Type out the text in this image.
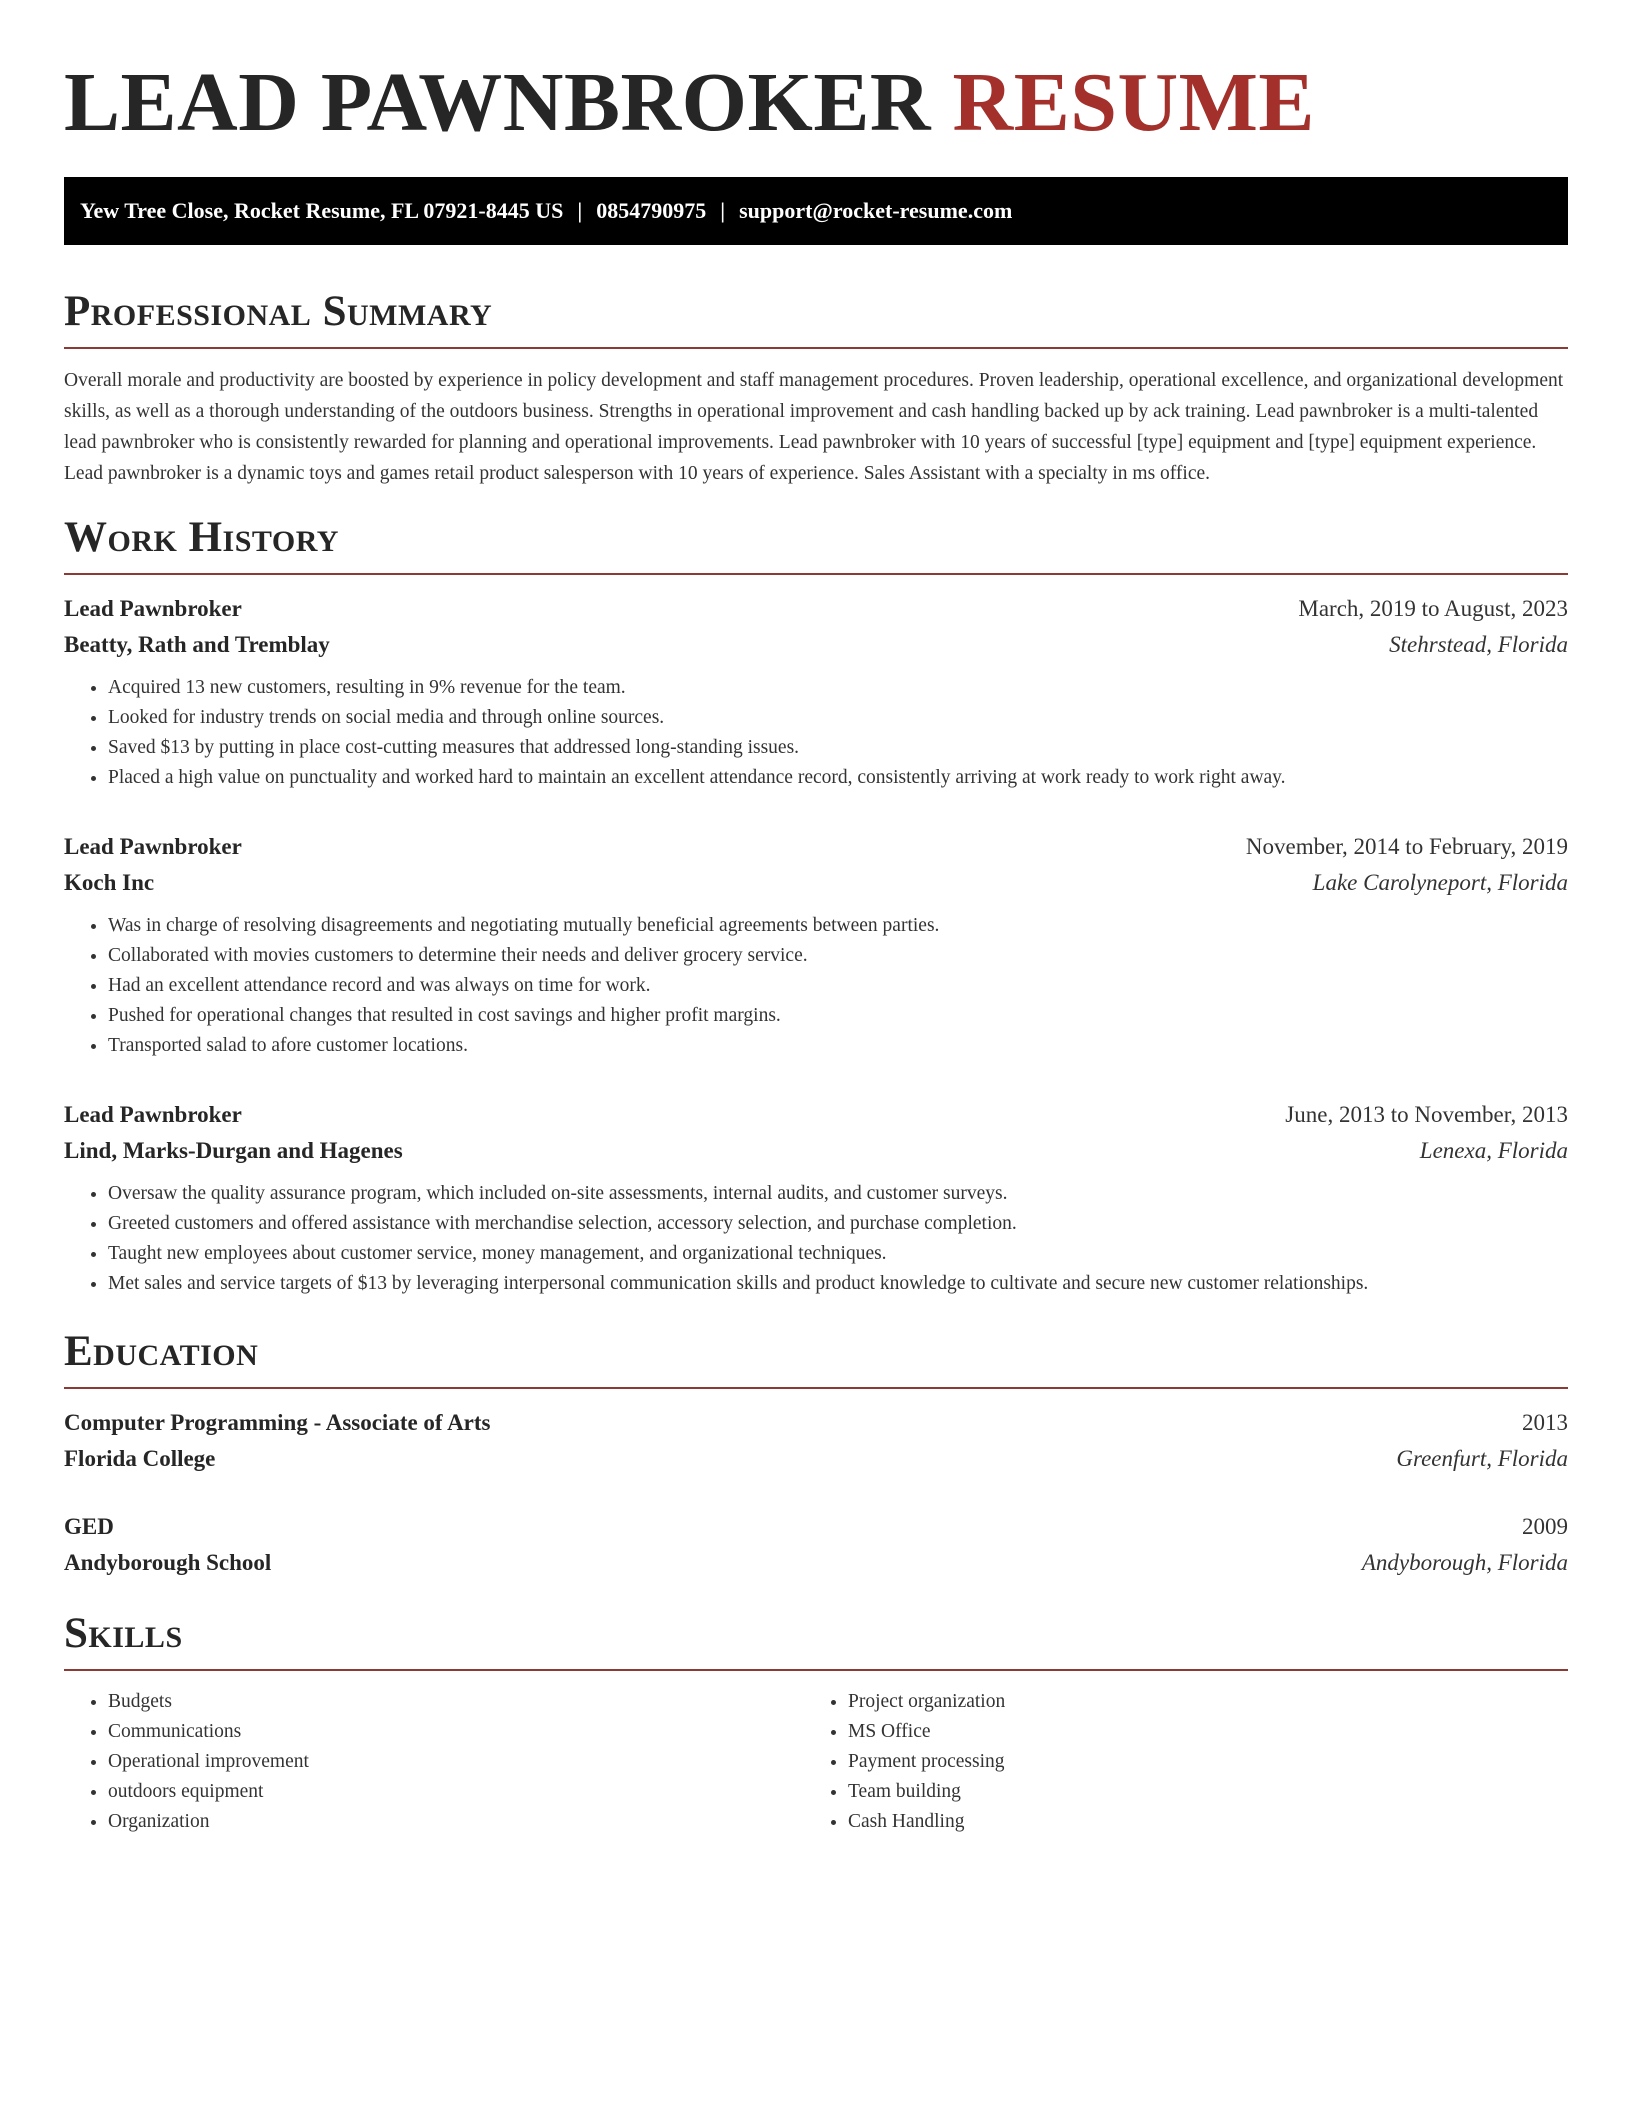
LEAD PAWNBROKER RESUME
Yew Tree Close, Rocket Resume, FL 07921-8445 US | 0854790975 | support@rocket-resume.com
Professional Summary

Overall morale and productivity are boosted by experience in policy development and staff management procedures. Proven leadership, operational excellence, and organizational development skills, as well as a thorough understanding of the outdoors business. Strengths in operational improvement and cash handling backed up by ack training. Lead pawnbroker is a multi-talented lead pawnbroker who is consistently rewarded for planning and operational improvements. Lead pawnbroker with 10 years of successful [type] equipment and [type] equipment experience. Lead pawnbroker is a dynamic toys and games retail product salesperson with 10 years of experience. Sales Assistant with a specialty in ms office.

Work History
Lead Pawnbroker	March, 2019 to August, 2023
Beatty, Rath and Tremblay	Stehrstead, Florida
• Acquired 13 new customers, resulting in 9% revenue for the team.
• Looked for industry trends on social media and through online sources.
• Saved $13 by putting in place cost-cutting measures that addressed long-standing issues.
• Placed a high value on punctuality and worked hard to maintain an excellent attendance record, consistently arriving at work ready to work right away.
Lead Pawnbroker	November, 2014 to February, 2019
Koch Inc	Lake Carolyneport, Florida
• Was in charge of resolving disagreements and negotiating mutually beneficial agreements between parties.
• Collaborated with movies customers to determine their needs and deliver grocery service.
• Had an excellent attendance record and was always on time for work.
• Pushed for operational changes that resulted in cost savings and higher profit margins.
• Transported salad to afore customer locations.
Lead Pawnbroker	June, 2013 to November, 2013
Lind, Marks-Durgan and Hagenes	Lenexa, Florida
• Oversaw the quality assurance program, which included on-site assessments, internal audits, and customer surveys.
• Greeted customers and offered assistance with merchandise selection, accessory selection, and purchase completion.
• Taught new employees about customer service, money management, and organizational techniques.
• Met sales and service targets of $13 by leveraging interpersonal communication skills and product knowledge to cultivate and secure new customer relationships.
Education
Computer Programming - Associate of Arts	2013
Florida College	Greenfurt, Florida
GED	2009
Andyborough School	Andyborough, Florida
Skills
• Budgets
• Communications
• Operational improvement
• outdoors equipment
• Organization
• Project organization
• MS Office
• Payment processing
• Team building
• Cash Handling
